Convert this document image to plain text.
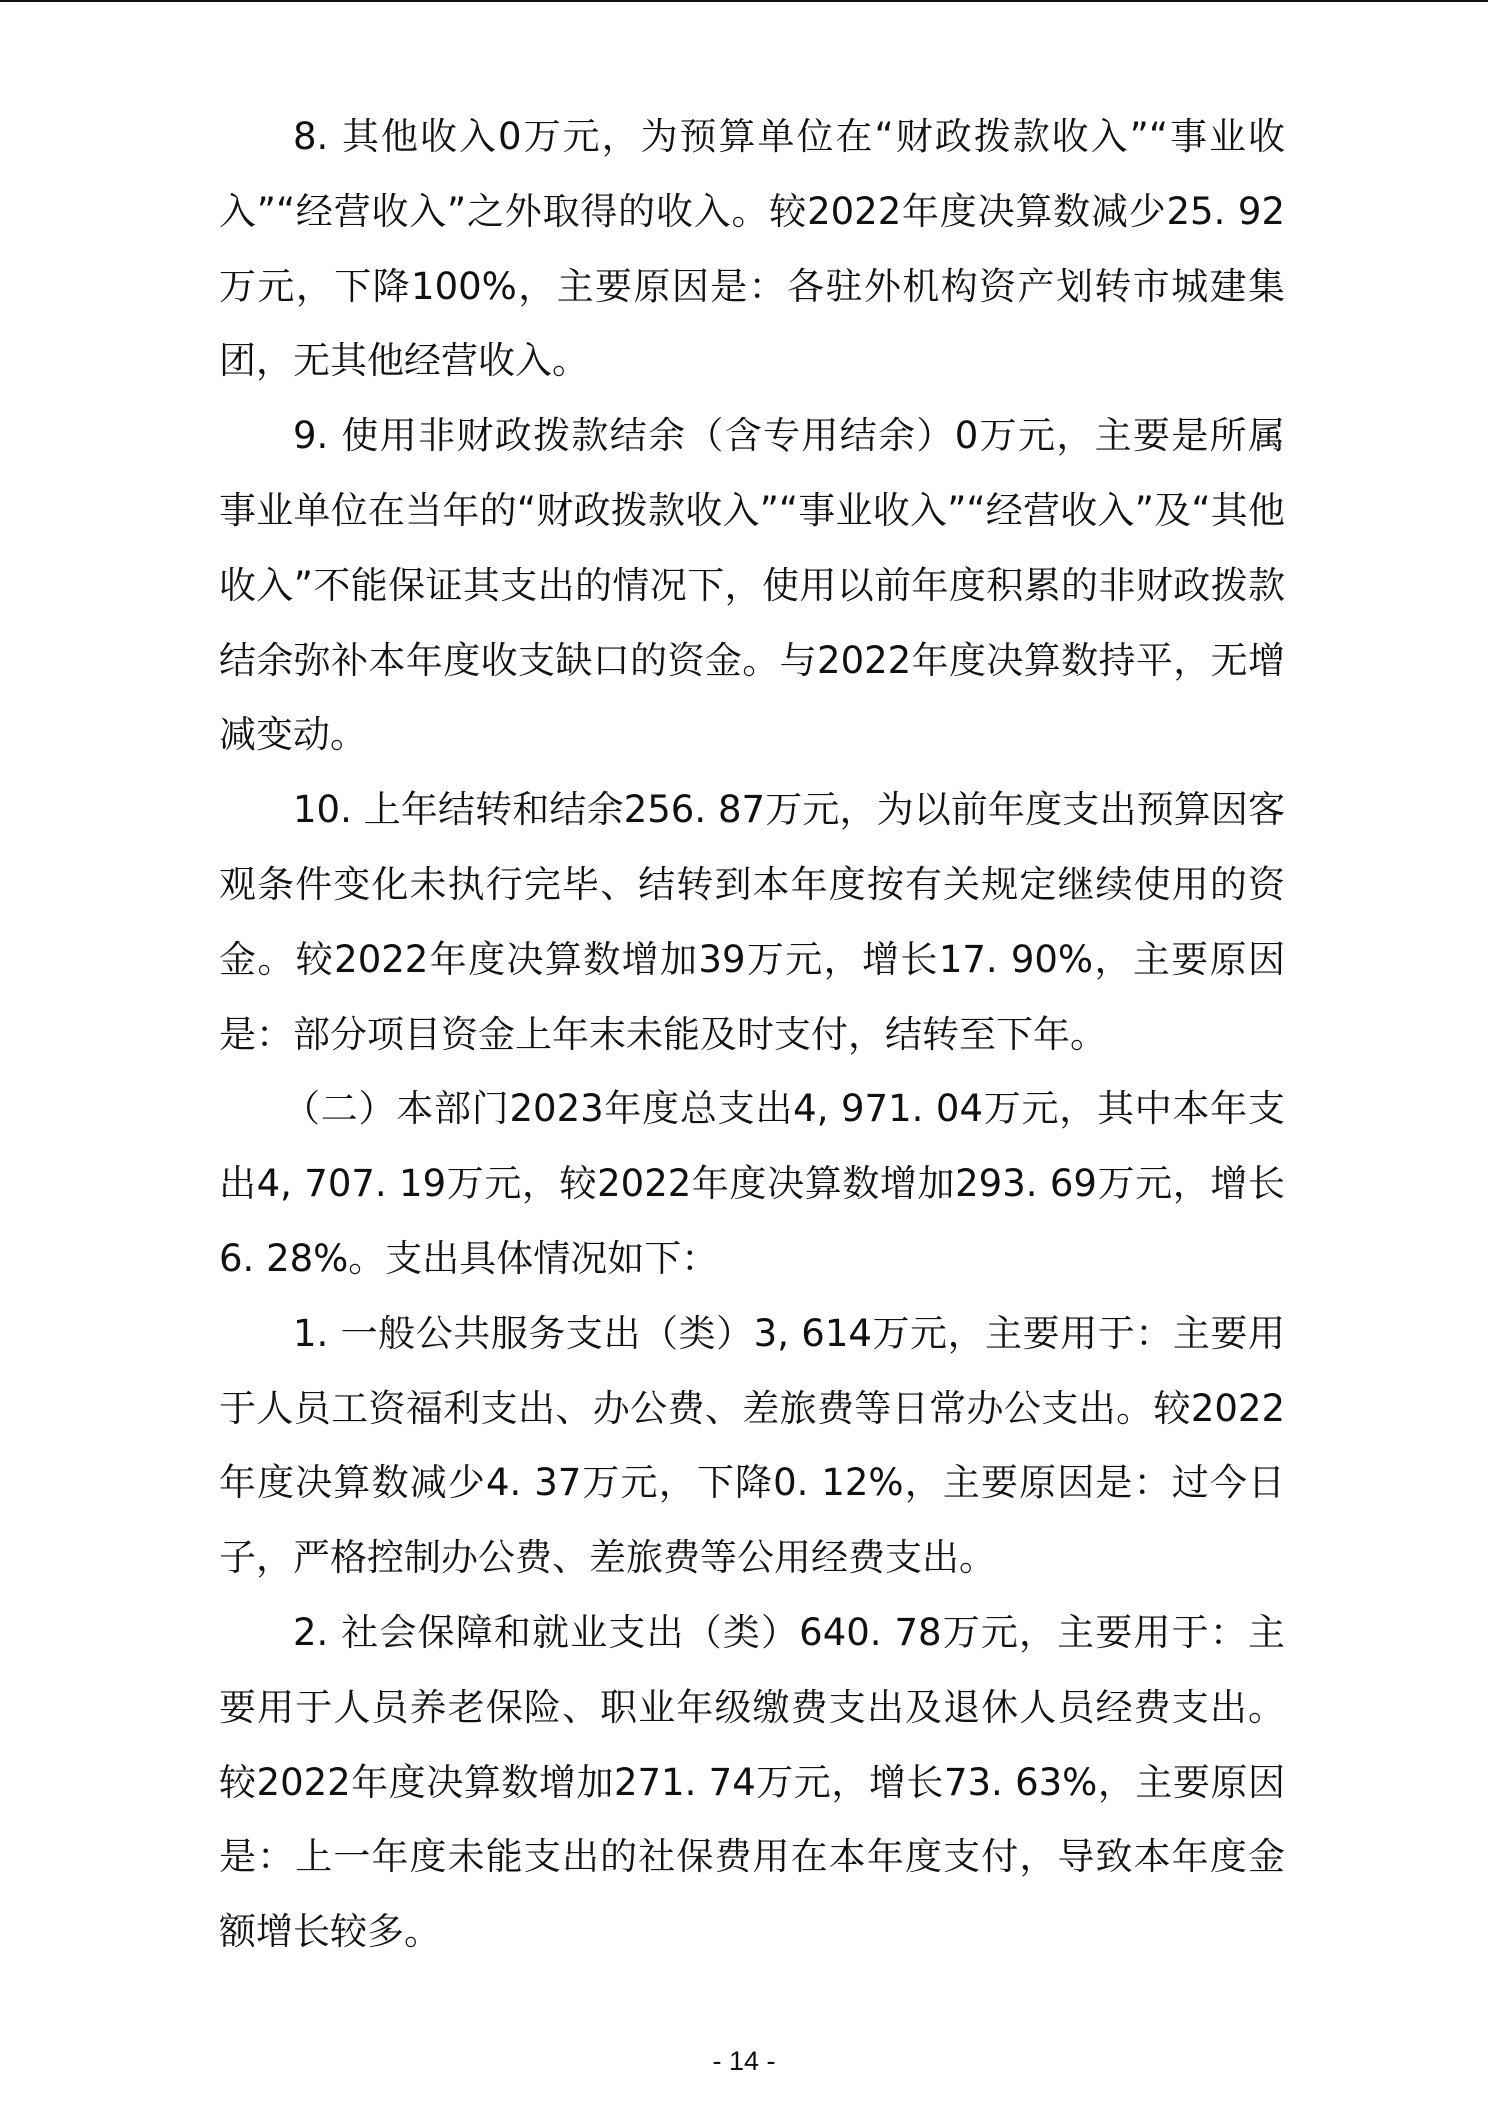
8. 其他收入0万元，为预算单位在“财政拨款收入”“事业收入”“经营收入”之外取得的收入。较2022年度决算数减少25. 92万元，下降100%，主要原因是：各驻外机构资产划转市城建集团，无其他经营收入。

9. 使用非财政拨款结余（含专用结余）0万元，主要是所属事业单位在当年的“财政拨款收入”“事业收入”“经营收入”及“其他收入”不能保证其支出的情况下，使用以前年度积累的非财政拨款结余弥补本年度收支缺口的资金。与2022年度决算数持平，无增减变动。

10. 上年结转和结余256. 87万元，为以前年度支出预算因客观条件变化未执行完毕、结转到本年度按有关规定继续使用的资金。较2022年度决算数增加39万元，增长17. 90%，主要原因是：部分项目资金上年末未能及时支付，结转至下年。

（二）本部门2023年度总支出4, 971. 04万元，其中本年支出4, 707. 19万元，较2022年度决算数增加293. 69万元，增长6. 28%。支出具体情况如下：

1. 一般公共服务支出（类）3, 614万元，主要用于：主要用于人员工资福利支出、办公费、差旅费等日常办公支出。较2022年度决算数减少4. 37万元，下降0. 12%，主要原因是：过今日子，严格控制办公费、差旅费等公用经费支出。

2. 社会保障和就业支出（类）640. 78万元，主要用于：主要用于人员养老保险、职业年级缴费支出及退休人员经费支出。较2022年度决算数增加271. 74万元，增长73. 63%，主要原因是：上一年度未能支出的社保费用在本年度支付，导致本年度金额增长较多。

- 14 -
